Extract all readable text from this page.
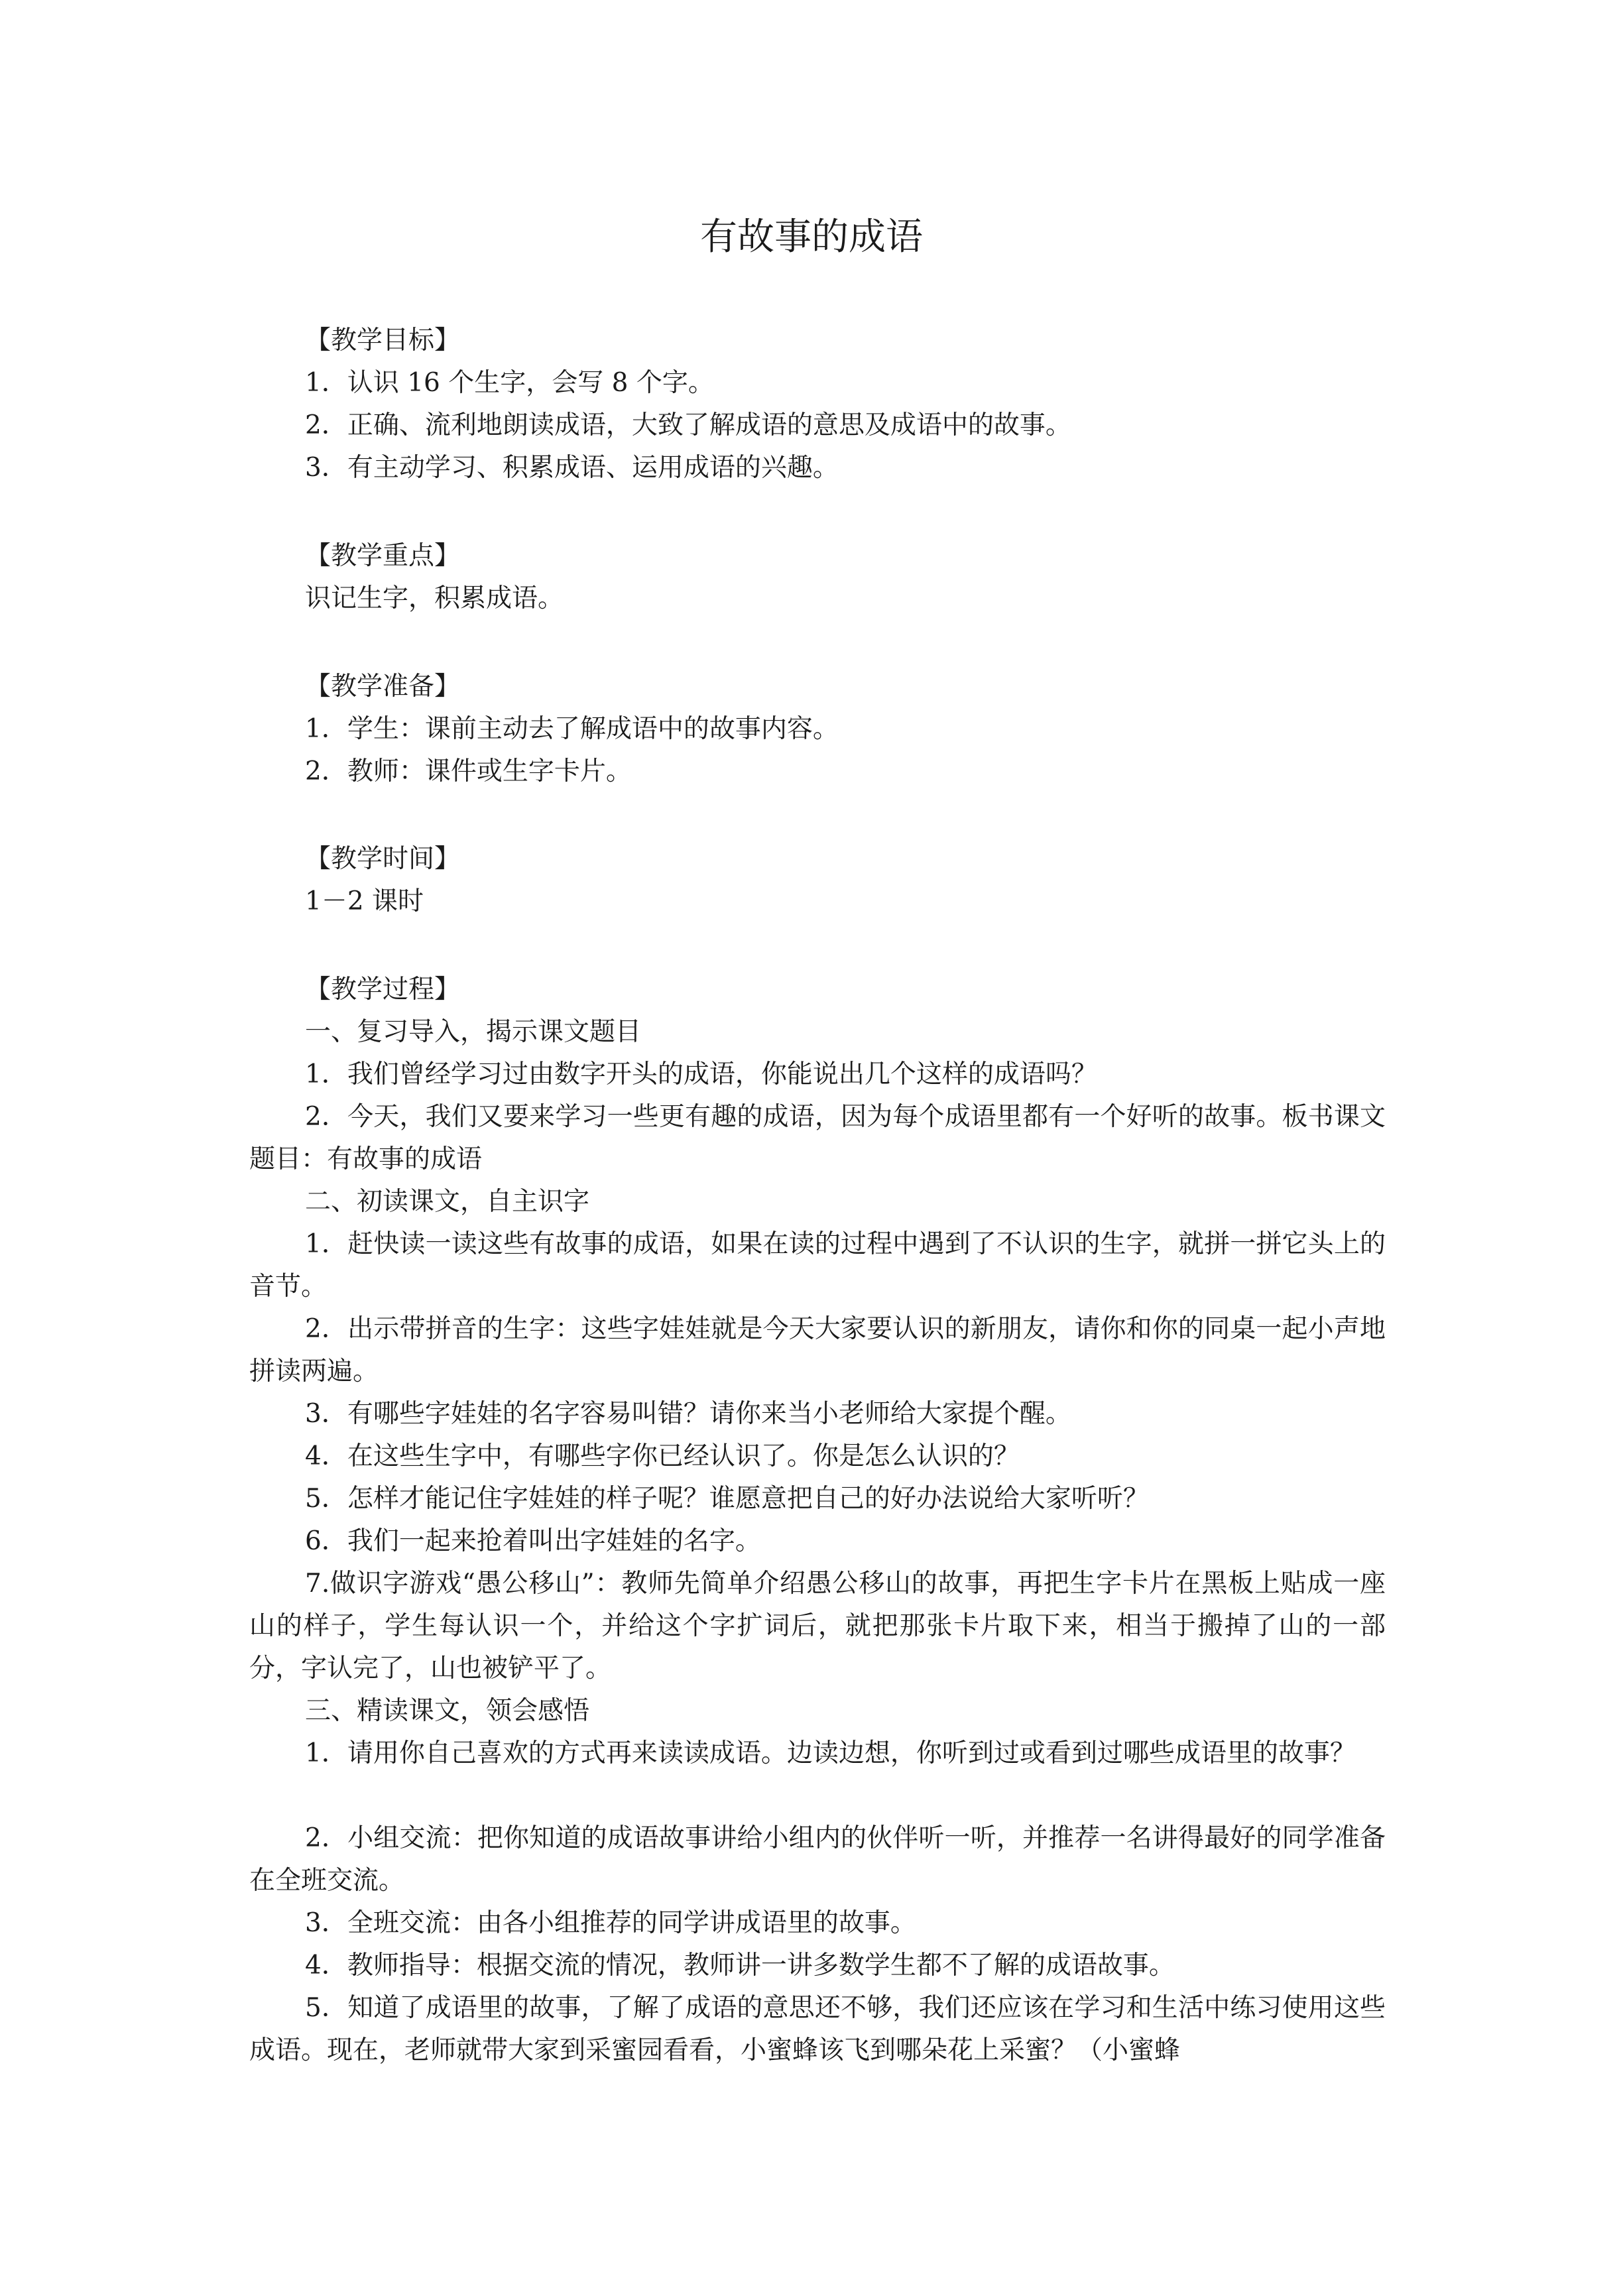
有故事的成语
【教学目标】
1．认识 16 个生字，会写 8 个字。
2．正确、流利地朗读成语，大致了解成语的意思及成语中的故事。
3．有主动学习、积累成语、运用成语的兴趣。
【教学重点】
识记生字，积累成语。
【教学准备】
1．学生：课前主动去了解成语中的故事内容。
2．教师：课件或生字卡片。
【教学时间】
1－2 课时
【教学过程】
一、复习导入，揭示课文题目
1．我们曾经学习过由数字开头的成语，你能说出几个这样的成语吗？
2．今天，我们又要来学习一些更有趣的成语，因为每个成语里都有一个好听的故事。板书课文题目：有故事的成语
二、初读课文，自主识字
1．赶快读一读这些有故事的成语，如果在读的过程中遇到了不认识的生字，就拼一拼它头上的音节。
2．出示带拼音的生字：这些字娃娃就是今天大家要认识的新朋友，请你和你的同桌一起小声地拼读两遍。
3．有哪些字娃娃的名字容易叫错？请你来当小老师给大家提个醒。
4．在这些生字中，有哪些字你已经认识了。你是怎么认识的？
5．怎样才能记住字娃娃的样子呢？谁愿意把自己的好办法说给大家听听？
6．我们一起来抢着叫出字娃娃的名字。
7.做识字游戏“愚公移山”：教师先简单介绍愚公移山的故事，再把生字卡片在黑板上贴成一座山的样子，学生每认识一个，并给这个字扩词后，就把那张卡片取下来，相当于搬掉了山的一部分，字认完了，山也被铲平了。
三、精读课文，领会感悟
1．请用你自己喜欢的方式再来读读成语。边读边想，你听到过或看到过哪些成语里的故事？
2．小组交流：把你知道的成语故事讲给小组内的伙伴听一听，并推荐一名讲得最好的同学准备在全班交流。
3．全班交流：由各小组推荐的同学讲成语里的故事。
4．教师指导：根据交流的情况，教师讲一讲多数学生都不了解的成语故事。
5．知道了成语里的故事，了解了成语的意思还不够，我们还应该在学习和生活中练习使用这些成语。现在，老师就带大家到采蜜园看看，小蜜蜂该飞到哪朵花上采蜜？（小蜜蜂
